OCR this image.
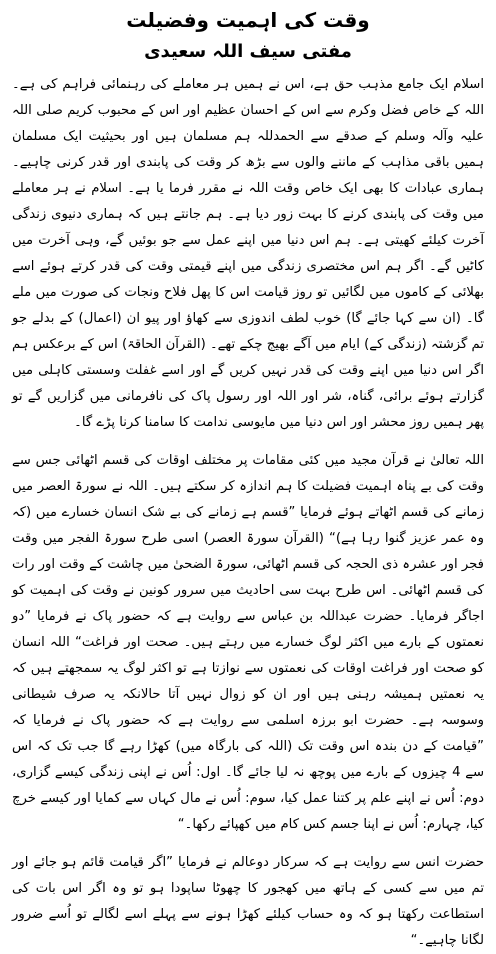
وقت کی اہمیت وفضیلت
مفتی سیف اللہ سعیدی

اسلام ایک جامع مذہب حق ہے، اس نے ہمیں ہر معاملے کی رہنمائی فراہم کی ہے۔ اللہ کے خاص فضل وکرم سے اس کے احسان عظیم اور اس کے محبوب کریم صلی اللہ علیہ وآلہ وسلم کے صدقے سے الحمدللہ ہم مسلمان ہیں اور بحیثیت ایک مسلمان ہمیں باقی مذاہب کے ماننے والوں سے بڑھ کر وقت کی پابندی اور قدر کرنی چاہیے۔ ہماری عبادات کا بھی ایک خاص وقت اللہ نے مقرر فرما یا ہے۔ اسلام نے ہر معاملے میں وقت کی پابندی کرنے کا بہت زور دیا ہے۔ ہم جانتے ہیں کہ ہماری دنیوی زندگی آخرت کیلئے کھیتی ہے۔ ہم اس دنیا میں اپنے عمل سے جو بوئیں گے، وہی آخرت میں کاٹیں گے۔ اگر ہم اس مختصری زندگی میں اپنے قیمتی وقت کی قدر کرتے ہوئے اسے بھلائی کے کاموں میں لگائیں تو روز قیامت اس کا پھل فلاح ونجات کی صورت میں ملے گا۔ (ان سے کہا جائے گا) خوب لطف اندوزی سے کھاؤ اور پیو ان (اعمال) کے بدلے جو تم گزشتہ (زندگی کے) ایام میں آگے بھیج چکے تھے۔ (القرآن الحاقۃ) اس کے برعکس ہم اگر اس دنیا میں اپنے وقت کی قدر نہیں کریں گے اور اسے غفلت وسستی کاہلی میں گزارتے ہوئے برائی، گناہ، شر اور اللہ اور رسول پاک کی نافرمانی میں گزاریں گے تو پھر ہمیں روز محشر اور اس دنیا میں مایوسی ندامت کا سامنا کرنا پڑے گا۔

اللہ تعالیٰ نے قرآن مجید میں کئی مقامات پر مختلف اوقات کی قسم اٹھائی جس سے وقت کی بے پناہ اہمیت فضیلت کا ہم اندازہ کر سکتے ہیں۔ اللہ نے سورۃ العصر میں زمانے کی قسم اٹھاتے ہوئے فرمایا ”قسم ہے زمانے کی بے شک انسان خسارے میں (کہ وہ عمر عزیز گنوا رہا ہے)“ (القرآن سورۃ العصر) اسی طرح سورۃ الفجر میں وقت فجر اور عشرہ ذی الحجہ کی قسم اٹھائی، سورۃ الضحیٰ میں چاشت کے وقت اور رات کی قسم اٹھائی۔ اس طرح بہت سی احادیث میں سرور کونین نے وقت کی اہمیت کو اجاگر فرمایا۔ حضرت عبداللہ بن عباس سے روایت ہے کہ حضور پاک نے فرمایا ”دو نعمتوں کے بارے میں اکثر لوگ خسارے میں رہتے ہیں۔ صحت اور فراغت“ اللہ انسان کو صحت اور فراغت اوقات کی نعمتوں سے نوازتا ہے تو اکثر لوگ یہ سمجھتے ہیں کہ یہ نعمتیں ہمیشہ رہنی ہیں اور ان کو زوال نہیں آتا حالانکہ یہ صرف شیطانی وسوسہ ہے۔ حضرت ابو برزہ اسلمی سے روایت ہے کہ حضور پاک نے فرمایا کہ ”قیامت کے دن بندہ اس وقت تک (اللہ کی بارگاہ میں) کھڑا رہے گا جب تک کہ اس سے 4 چیزوں کے بارے میں پوچھ نہ لیا جائے گا۔ اول: اُس نے اپنی زندگی کیسے گزاری، دوم: اُس نے اپنے علم پر کتنا عمل کیا، سوم: اُس نے مال کہاں سے کمایا اور کیسے خرچ کیا، چہارم: اُس نے اپنا جسم کس کام میں کھپائے رکھا۔“

حضرت انس سے روایت ہے کہ سرکار دوعالم نے فرمایا ”اگر قیامت قائم ہو جائے اور تم میں سے کسی کے ہاتھ میں کھجور کا چھوٹا ساپودا ہو تو وہ اگر اس بات کی استطاعت رکھتا ہو کہ وہ حساب کیلئے کھڑا ہونے سے پہلے اسے لگالے تو اُسے ضرور لگانا چاہیے۔“
